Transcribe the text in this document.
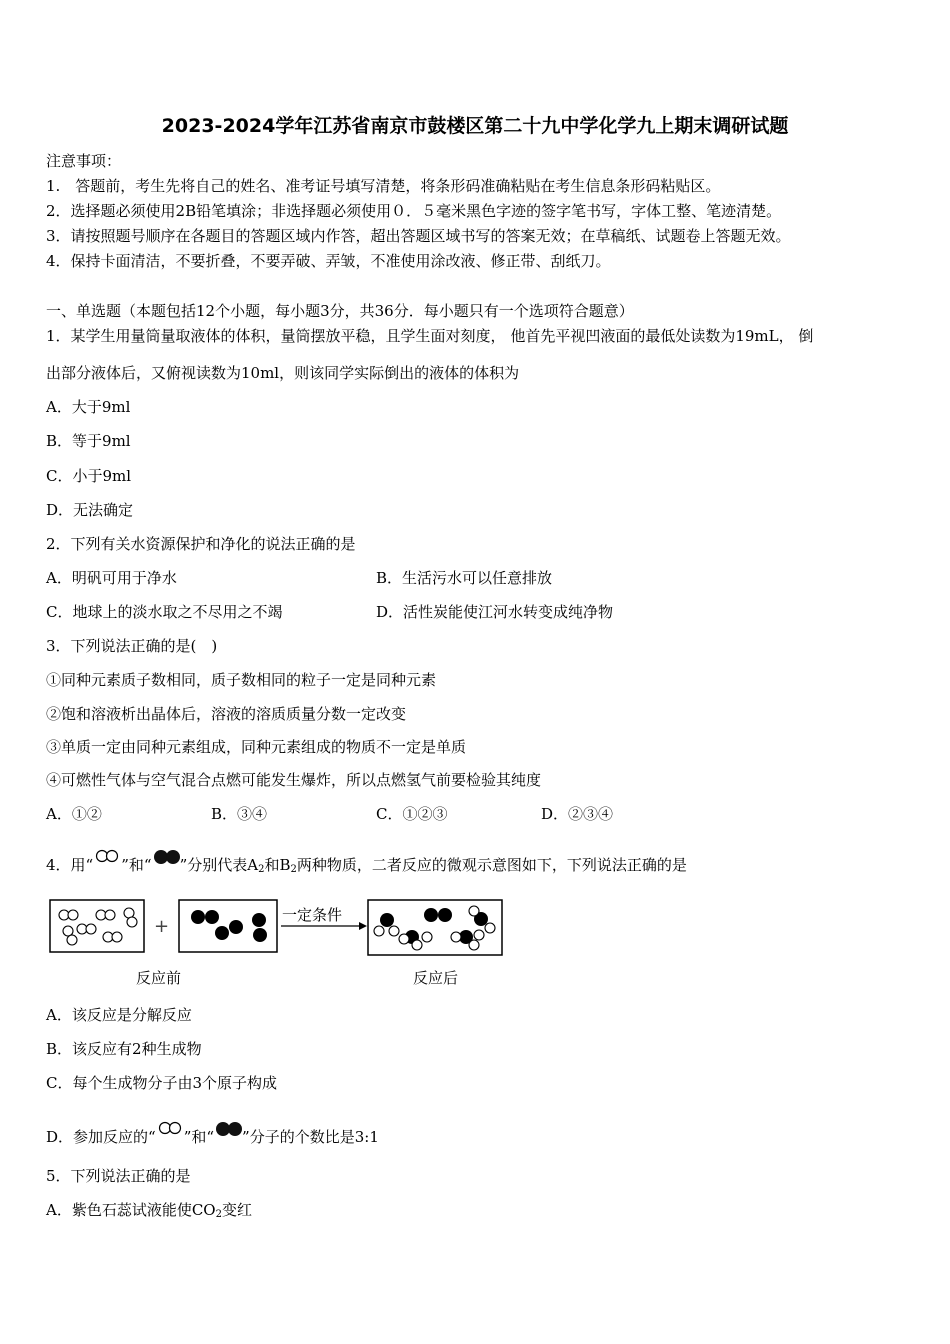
2023-2024学年江苏省南京市鼓楼区第二十九中学化学九上期末调研试题
注意事项：
1.　答题前，考生先将自己的姓名、准考证号填写清楚，将条形码准确粘贴在考生信息条形码粘贴区。
2．选择题必须使用2B铅笔填涂；非选择题必须使用０．５毫米黑色字迹的签字笔书写，字体工整、笔迹清楚。
3．请按照题号顺序在各题目的答题区域内作答，超出答题区域书写的答案无效；在草稿纸、试题卷上答题无效。
4．保持卡面清洁，不要折叠，不要弄破、弄皱，不准使用涂改液、修正带、刮纸刀。
一、单选题（本题包括12个小题，每小题3分，共36分．每小题只有一个选项符合题意）
1．某学生用量筒量取液体的体积，量筒摆放平稳，且学生面对刻度， 他首先平视凹液面的最低处读数为19mL， 倒
出部分液体后，又俯视读数为10ml，则该同学实际倒出的液体的体积为
A．大于9ml
B．等于9ml
C．小于9ml
D．无法确定
2．下列有关水资源保护和净化的说法正确的是
A．明矾可用于净水	B．生活污水可以任意排放
C．地球上的淡水取之不尽用之不竭	D．活性炭能使江河水转变成纯净物
3．下列说法正确的是(　)
①同种元素质子数相同，质子数相同的粒子一定是同种元素
②饱和溶液析出晶体后，溶液的溶质质量分数一定改变
③单质一定由同种元素组成，同种元素组成的物质不一定是单质
④可燃性气体与空气混合点燃可能发生爆炸，所以点燃氢气前要检验其纯度
A．①②	B．③④	C．①②③	D．②③④
4．用“ ”和“ ”分别代表$A_2$和$B_2$两种物质，二者反应的微观示意图如下，下列说法正确的是
+
一定条件
反应前	反应后
A．该反应是分解反应
B．该反应有2种生成物
C．每个生成物分子由3个原子构成
D．参加反应的“ ”和“ ”分子的个数比是3:1
5．下列说法正确的是
A．紫色石蕊试液能使$CO_2$变红
